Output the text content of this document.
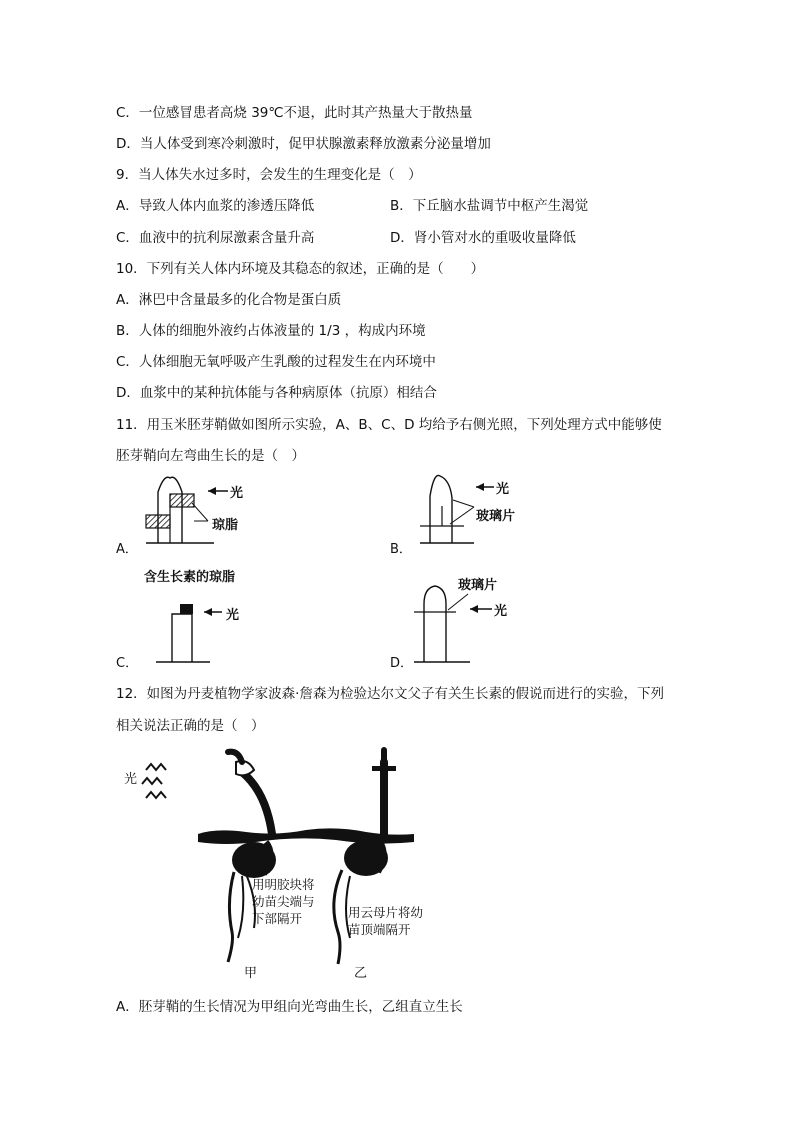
C．一位感冒患者高烧 39℃不退，此时其产热量大于散热量
D．当人体受到寒冷刺激时，促甲状腺激素释放激素分泌量增加
9．当人体失水过多时，会发生的生理变化是（　）
A．导致人体内血浆的渗透压降低	B．下丘脑水盐调节中枢产生渴觉
C．血液中的抗利尿激素含量升高	D．肾小管对水的重吸收量降低
10．下列有关人体内环境及其稳态的叙述，正确的是（　　）
A．淋巴中含量最多的化合物是蛋白质
B．人体的细胞外液约占体液量的 1/3 ，构成内环境
C．人体细胞无氧呼吸产生乳酸的过程发生在内环境中
D．血浆中的某种抗体能与各种病原体（抗原）相结合
11．用玉米胚芽鞘做如图所示实验，A、B、C、D 均给予右侧光照，下列处理方式中能够使
胚芽鞘向左弯曲生长的是（　）
A．
光
琼脂
B．
光
玻璃片
含生长素的琼脂
光
C．
玻璃片
光
D．
12．如图为丹麦植物学家波森·詹森为检验达尔文父子有关生长素的假说而进行的实验，下列
相关说法正确的是（　）
光
用明胶块将
幼苗尖端与
下部隔开	用云母片将幼
苗顶端隔开
甲	乙
A．胚芽鞘的生长情况为甲组向光弯曲生长，乙组直立生长
